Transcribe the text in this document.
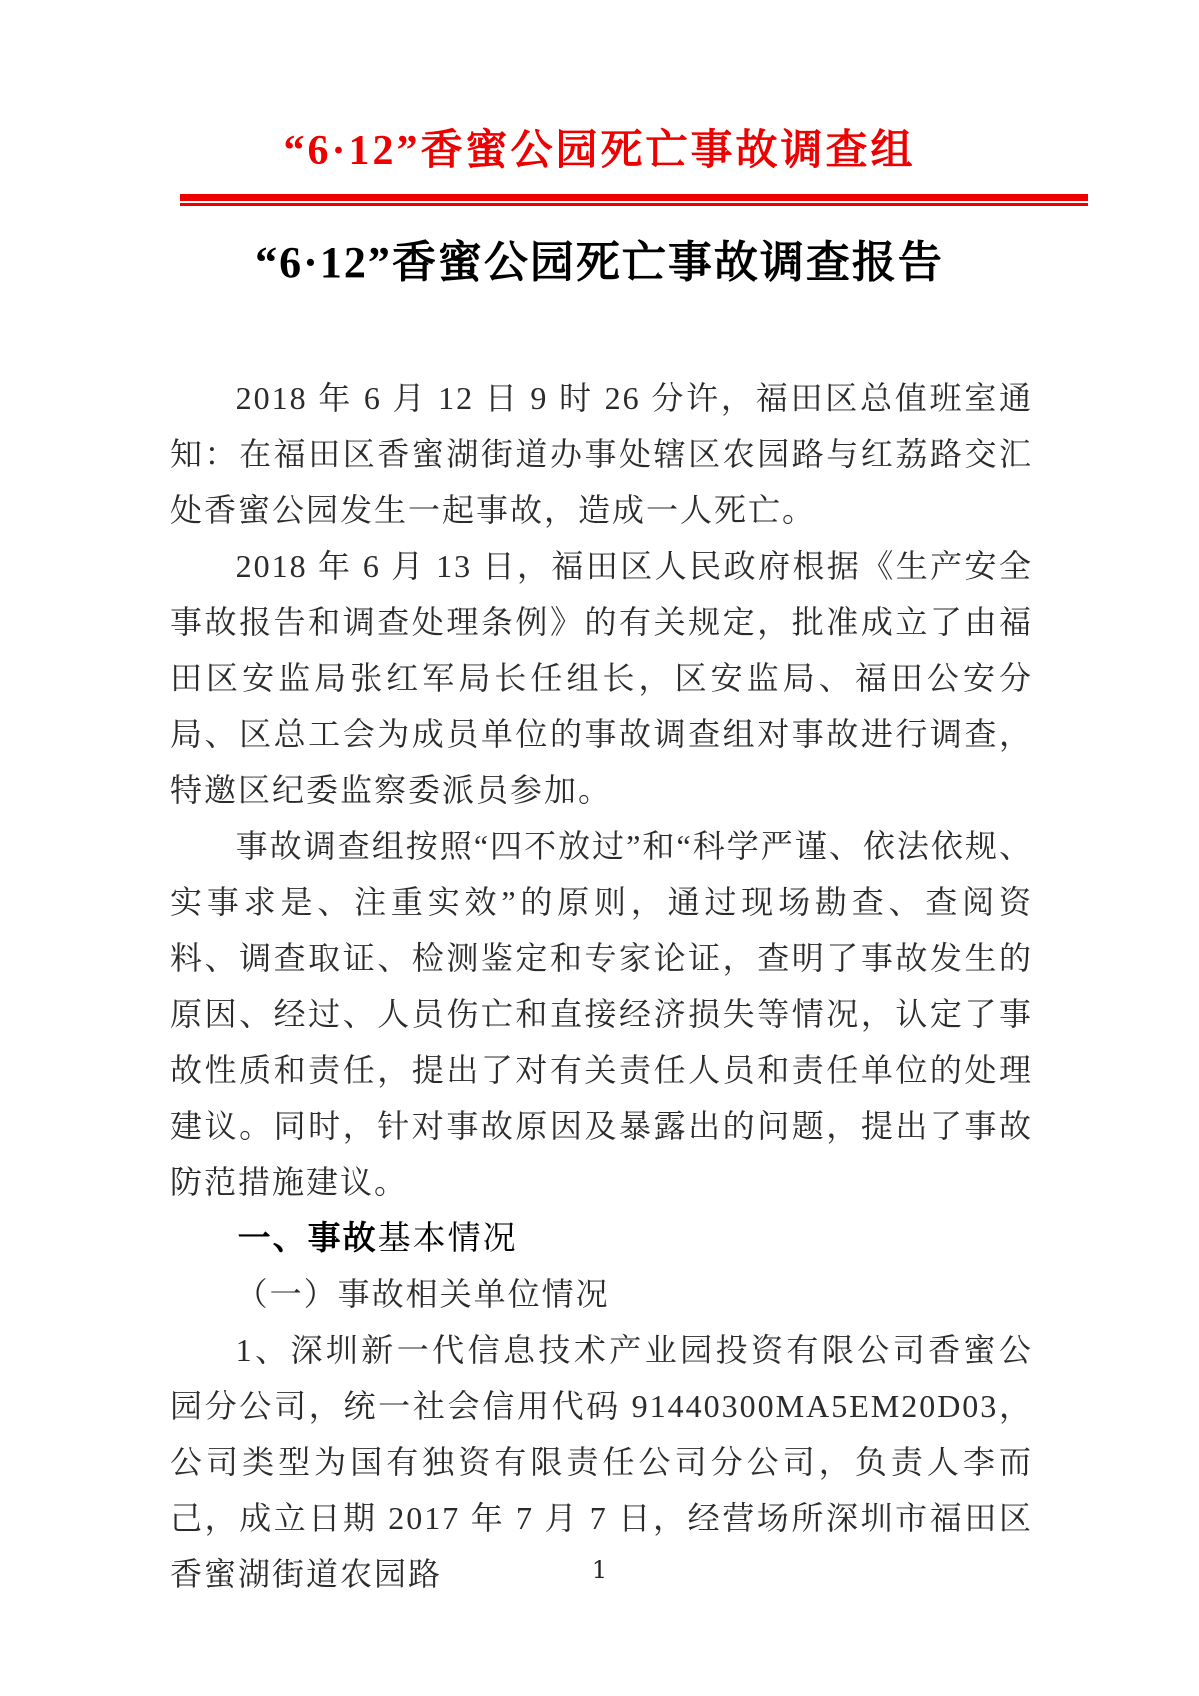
“6·12”香蜜公园死亡事故调查组
“6·12”香蜜公园死亡事故调查报告

2018 年 6 月 12 日 9 时 26 分许，福田区总值班室通知：在福田区香蜜湖街道办事处辖区农园路与红荔路交汇处香蜜公园发生一起事故，造成一人死亡。

2018 年 6 月 13 日，福田区人民政府根据《生产安全事故报告和调查处理条例》的有关规定，批准成立了由福田区安监局张红军局长任组长，区安监局、福田公安分局、区总工会为成员单位的事故调查组对事故进行调查，特邀区纪委监察委派员参加。

事故调查组按照“四不放过”和“科学严谨、依法依规、实事求是、注重实效”的原则，通过现场勘查、查阅资料、调查取证、检测鉴定和专家论证，查明了事故发生的原因、经过、人员伤亡和直接经济损失等情况，认定了事故性质和责任，提出了对有关责任人员和责任单位的处理建议。同时，针对事故原因及暴露出的问题，提出了事故防范措施建议。

一、事故基本情况

（一）事故相关单位情况

1、深圳新一代信息技术产业园投资有限公司香蜜公园分公司，统一社会信用代码 91440300MA5EM20D03，公司类型为国有独资有限责任公司分公司，负责人李而己，成立日期 2017 年 7 月 7 日，经营场所深圳市福田区香蜜湖街道农园路	1
